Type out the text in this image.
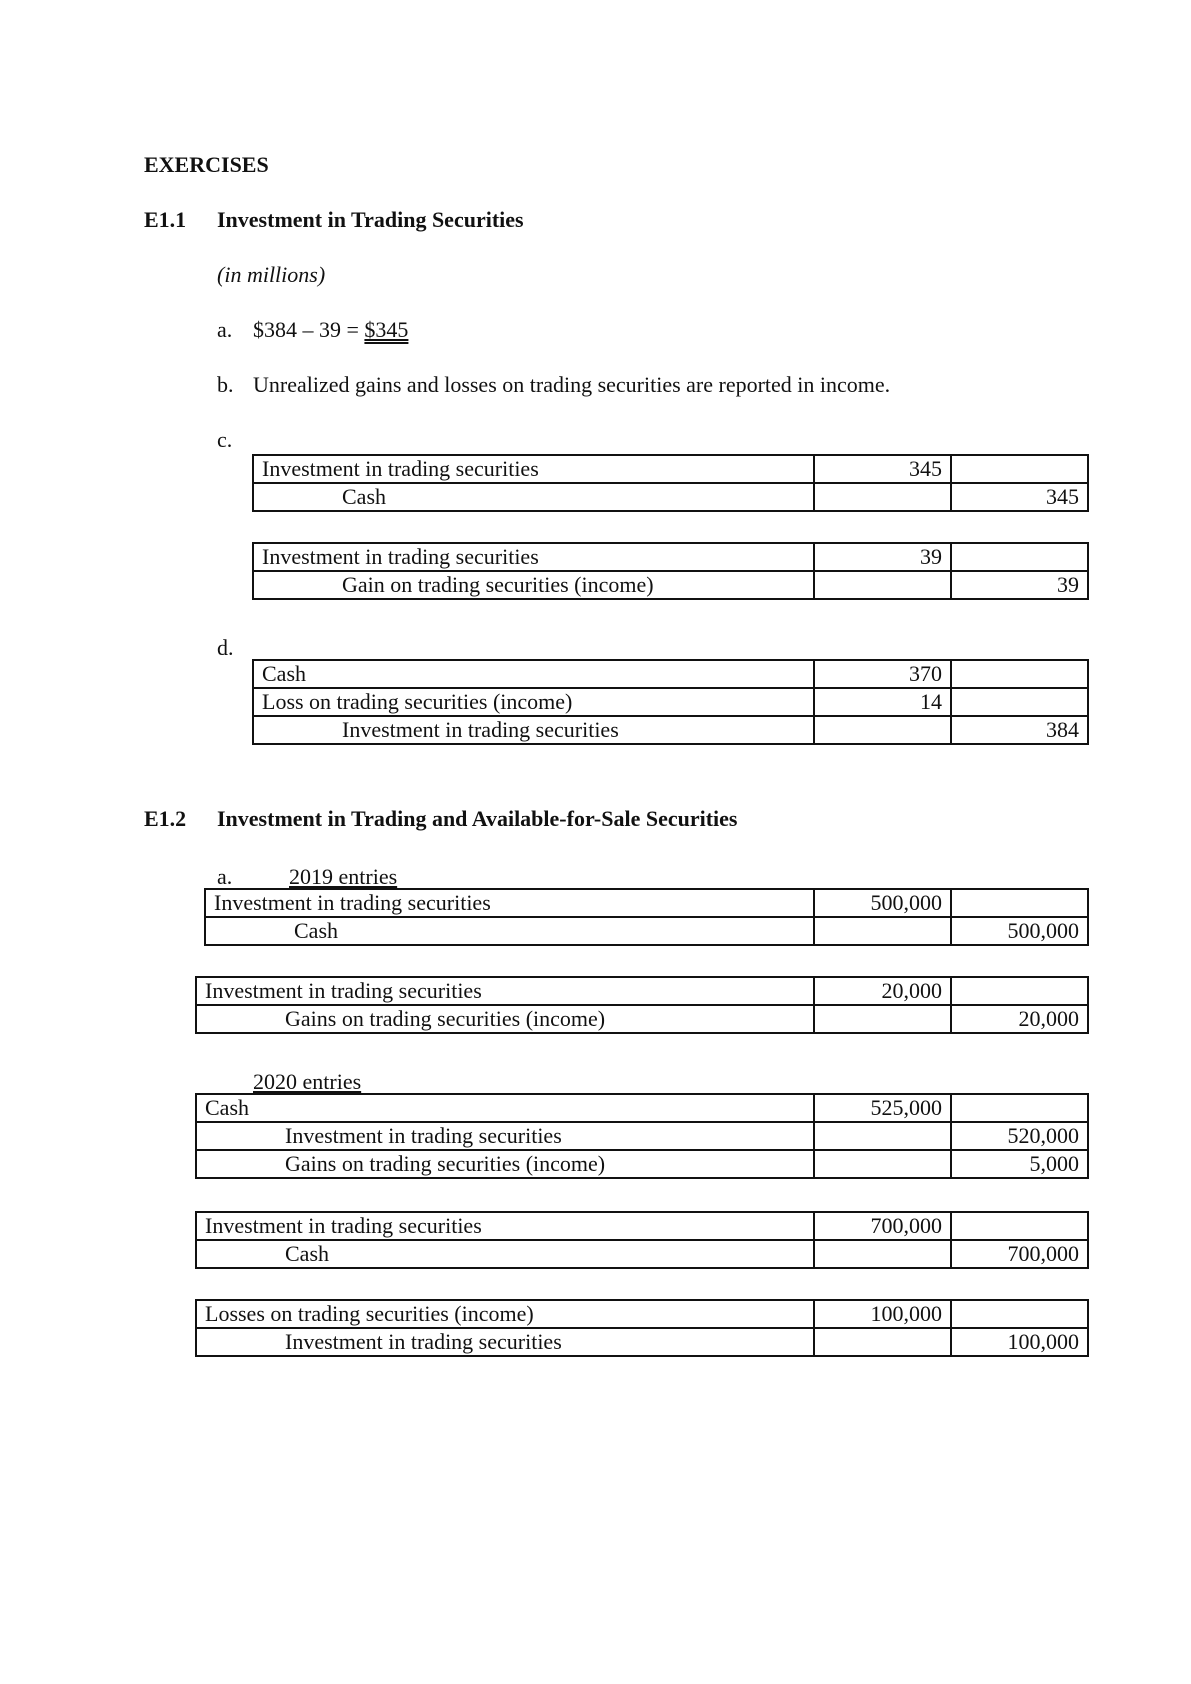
EXERCISES
E1.1 Investment in Trading Securities
(in millions)
a. $384 – 39 = $345
b. Unrealized gains and losses on trading securities are reported in income.
c.
Investment in trading securities	345	
Cash		345
Investment in trading securities	39	
Gain on trading securities (income)		39
d.
Cash	370	
Loss on trading securities (income)	14	
Investment in trading securities		384
E1.2 Investment in Trading and Available-for-Sale Securities
a.	2019 entries
Investment in trading securities	500,000	
Cash		500,000
Investment in trading securities	20,000	
Gains on trading securities (income)		20,000
2020 entries
Cash	525,000	
Investment in trading securities		520,000
Gains on trading securities (income)		5,000
Investment in trading securities	700,000	
Cash		700,000
Losses on trading securities (income)	100,000	
Investment in trading securities		100,000
